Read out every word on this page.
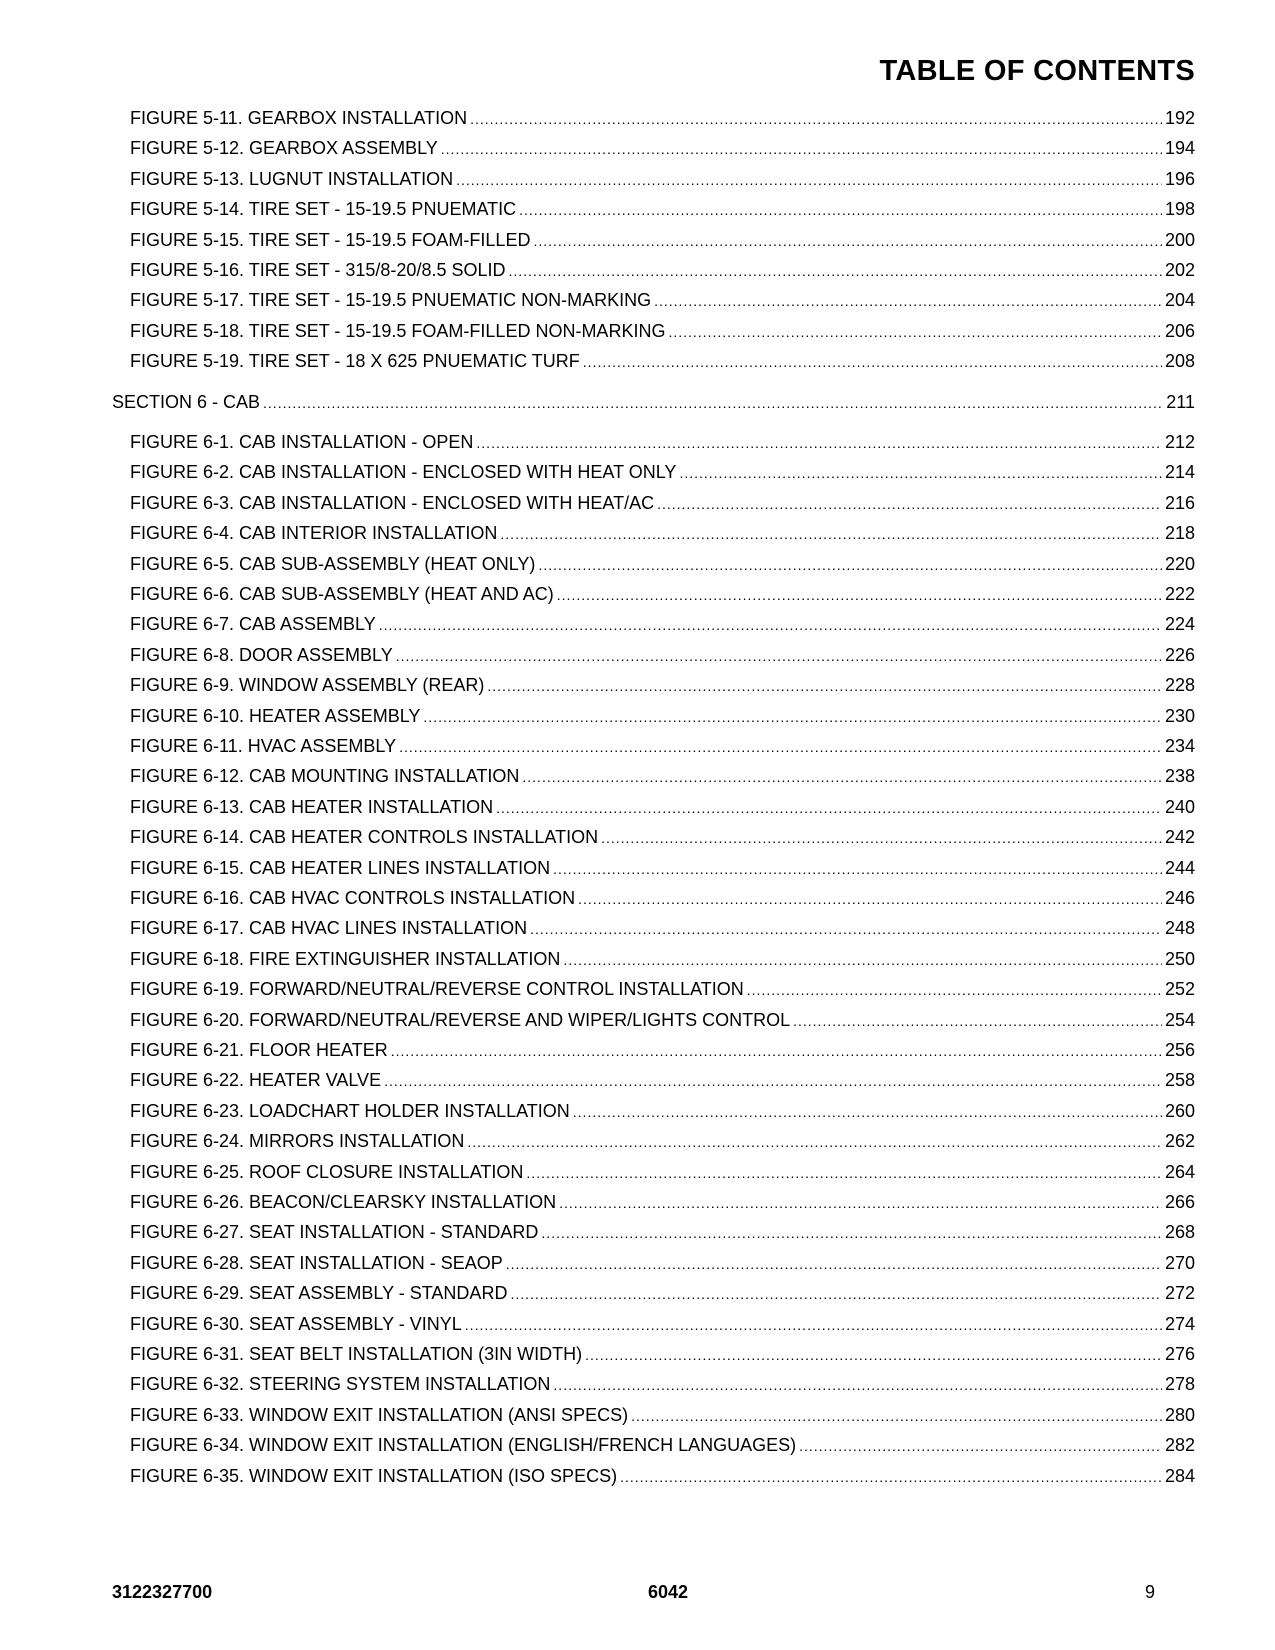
TABLE OF CONTENTS
FIGURE 5-11. GEARBOX INSTALLATION .....	192
FIGURE 5-12. GEARBOX ASSEMBLY .....	194
FIGURE 5-13. LUGNUT INSTALLATION .....	196
FIGURE 5-14. TIRE SET - 15-19.5 PNUEMATIC .....	198
FIGURE 5-15. TIRE SET - 15-19.5 FOAM-FILLED .....	200
FIGURE 5-16. TIRE SET - 315/8-20/8.5 SOLID .....	202
FIGURE 5-17. TIRE SET - 15-19.5 PNUEMATIC NON-MARKING .....	204
FIGURE 5-18. TIRE SET - 15-19.5 FOAM-FILLED NON-MARKING .....	206
FIGURE 5-19. TIRE SET - 18 X 625 PNUEMATIC TURF .....	208
SECTION 6 - CAB .....	211
FIGURE 6-1. CAB INSTALLATION - OPEN .....	212
FIGURE 6-2. CAB INSTALLATION - ENCLOSED WITH HEAT ONLY .....	214
FIGURE 6-3. CAB INSTALLATION - ENCLOSED WITH HEAT/AC .....	216
FIGURE 6-4. CAB INTERIOR INSTALLATION .....	218
FIGURE 6-5. CAB SUB-ASSEMBLY (HEAT ONLY) .....	220
FIGURE 6-6. CAB SUB-ASSEMBLY (HEAT AND AC) .....	222
FIGURE 6-7. CAB ASSEMBLY .....	224
FIGURE 6-8. DOOR ASSEMBLY .....	226
FIGURE 6-9. WINDOW ASSEMBLY (REAR) .....	228
FIGURE 6-10. HEATER ASSEMBLY .....	230
FIGURE 6-11. HVAC ASSEMBLY .....	234
FIGURE 6-12. CAB MOUNTING INSTALLATION .....	238
FIGURE 6-13. CAB HEATER INSTALLATION .....	240
FIGURE 6-14. CAB HEATER CONTROLS INSTALLATION .....	242
FIGURE 6-15. CAB HEATER LINES INSTALLATION .....	244
FIGURE 6-16. CAB HVAC CONTROLS INSTALLATION .....	246
FIGURE 6-17. CAB HVAC LINES INSTALLATION .....	248
FIGURE 6-18. FIRE EXTINGUISHER INSTALLATION .....	250
FIGURE 6-19. FORWARD/NEUTRAL/REVERSE CONTROL INSTALLATION .....	252
FIGURE 6-20. FORWARD/NEUTRAL/REVERSE AND WIPER/LIGHTS CONTROL .....	254
FIGURE 6-21. FLOOR HEATER .....	256
FIGURE 6-22. HEATER VALVE .....	258
FIGURE 6-23. LOADCHART HOLDER INSTALLATION .....	260
FIGURE 6-24. MIRRORS INSTALLATION .....	262
FIGURE 6-25. ROOF CLOSURE INSTALLATION .....	264
FIGURE 6-26. BEACON/CLEARSKY INSTALLATION .....	266
FIGURE 6-27. SEAT INSTALLATION - STANDARD .....	268
FIGURE 6-28. SEAT INSTALLATION - SEAOP .....	270
FIGURE 6-29. SEAT ASSEMBLY - STANDARD .....	272
FIGURE 6-30. SEAT ASSEMBLY - VINYL .....	274
FIGURE 6-31. SEAT BELT INSTALLATION (3IN WIDTH) .....	276
FIGURE 6-32. STEERING SYSTEM INSTALLATION .....	278
FIGURE 6-33. WINDOW EXIT INSTALLATION (ANSI SPECS) .....	280
FIGURE 6-34. WINDOW EXIT INSTALLATION (ENGLISH/FRENCH LANGUAGES) .....	282
FIGURE 6-35. WINDOW EXIT INSTALLATION (ISO SPECS) .....	284
3122327700	6042	9
